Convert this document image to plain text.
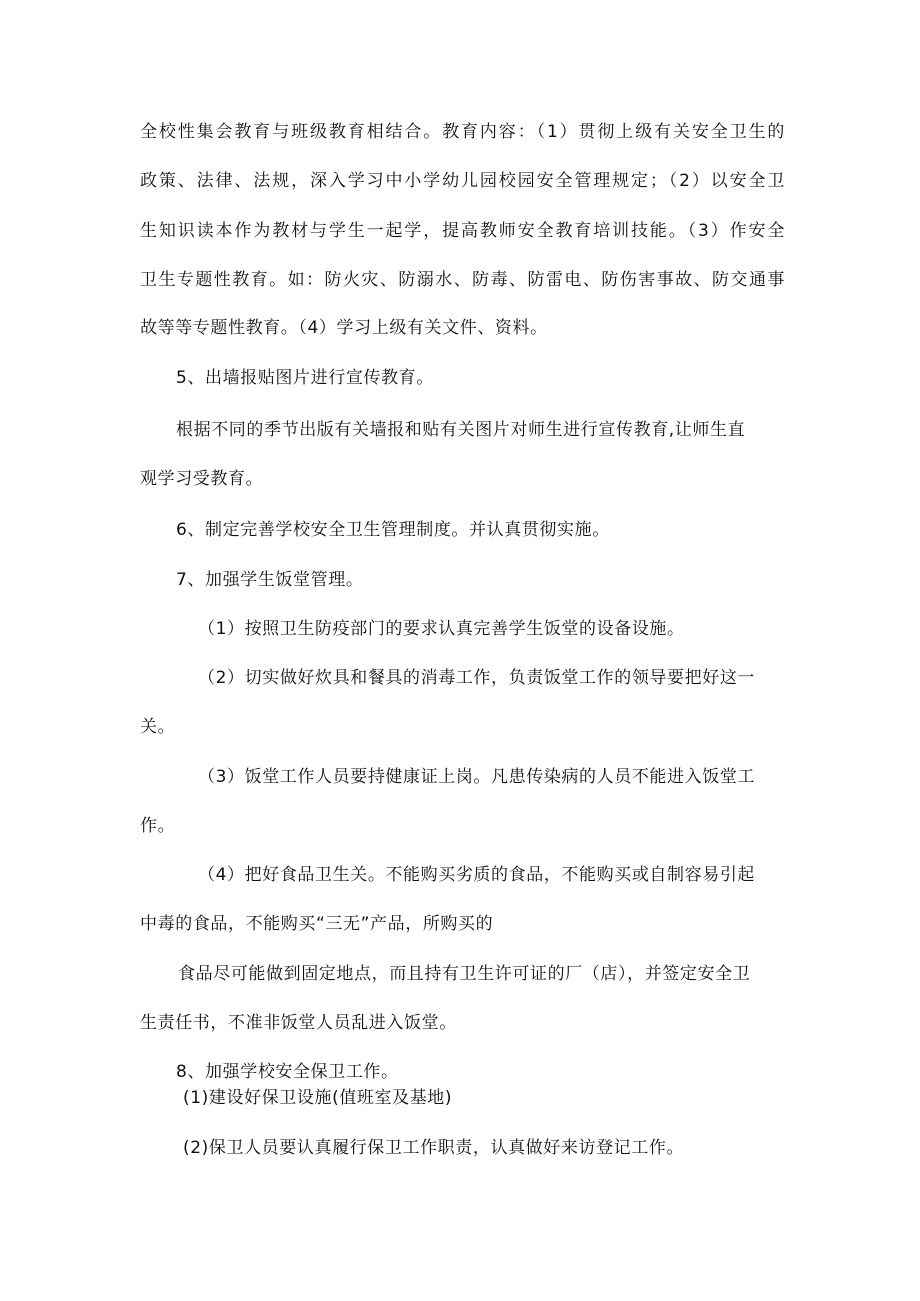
全校性集会教育与班级教育相结合。教育内容：（1）贯彻上级有关安全卫生的
政策、法律、法规，深入学习中小学幼儿园校园安全管理规定；（2）以安全卫
生知识读本作为教材与学生一起学，提高教师安全教育培训技能。（3）作安全
卫生专题性教育。如：防火灾、防溺水、防毒、防雷电、防伤害事故、防交通事
故等等专题性教育。（4）学习上级有关文件、资料。
5、出墙报贴图片进行宣传教育。
根据不同的季节出版有关墙报和贴有关图片对师生进行宣传教育,让师生直
观学习受教育。
6、制定完善学校安全卫生管理制度。并认真贯彻实施。
7、加强学生饭堂管理。
（1）按照卫生防疫部门的要求认真完善学生饭堂的设备设施。
（2）切实做好炊具和餐具的消毒工作，负责饭堂工作的领导要把好这一
关。
（3）饭堂工作人员要持健康证上岗。凡患传染病的人员不能进入饭堂工
作。
（4）把好食品卫生关。不能购买劣质的食品，不能购买或自制容易引起
中毒的食品，不能购买“三无”产品，所购买的
食品尽可能做到固定地点，而且持有卫生许可证的厂（店），并签定安全卫
生责任书，不准非饭堂人员乱进入饭堂。
8、加强学校安全保卫工作。
(1)建设好保卫设施(值班室及基地)
(2)保卫人员要认真履行保卫工作职责，认真做好来访登记工作。
